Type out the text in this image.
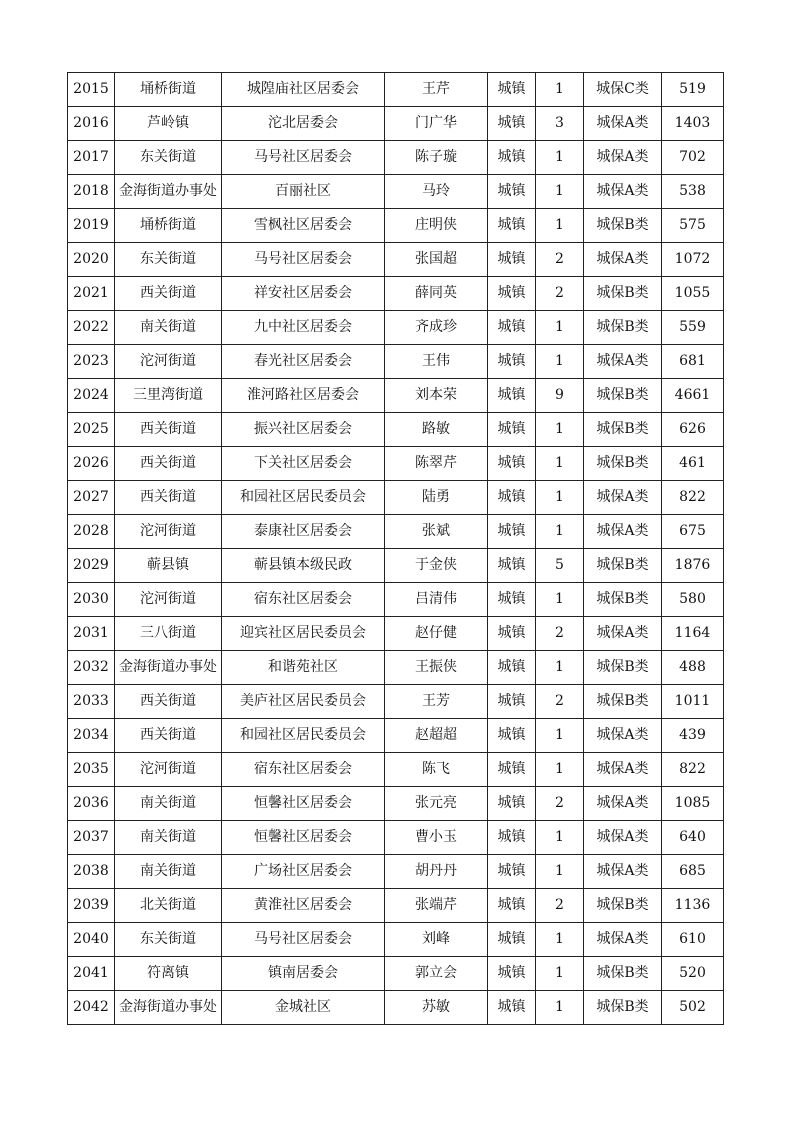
2015	埇桥街道	城隍庙社区居委会	王芹	城镇	1	城保C类	519
2016	芦岭镇	沱北居委会	门广华	城镇	3	城保A类	1403
2017	东关街道	马号社区居委会	陈子璇	城镇	1	城保A类	702
2018	金海街道办事处	百丽社区	马玲	城镇	1	城保A类	538
2019	埇桥街道	雪枫社区居委会	庄明侠	城镇	1	城保B类	575
2020	东关街道	马号社区居委会	张国超	城镇	2	城保A类	1072
2021	西关街道	祥安社区居委会	薛同英	城镇	2	城保B类	1055
2022	南关街道	九中社区居委会	齐成珍	城镇	1	城保B类	559
2023	沱河街道	春光社区居委会	王伟	城镇	1	城保A类	681
2024	三里湾街道	淮河路社区居委会	刘本荣	城镇	9	城保B类	4661
2025	西关街道	振兴社区居委会	路敏	城镇	1	城保B类	626
2026	西关街道	下关社区居委会	陈翠芹	城镇	1	城保B类	461
2027	西关街道	和园社区居民委员会	陆勇	城镇	1	城保A类	822
2028	沱河街道	泰康社区居委会	张斌	城镇	1	城保A类	675
2029	蕲县镇	蕲县镇本级民政	于金侠	城镇	5	城保B类	1876
2030	沱河街道	宿东社区居委会	吕清伟	城镇	1	城保B类	580
2031	三八街道	迎宾社区居民委员会	赵仔健	城镇	2	城保A类	1164
2032	金海街道办事处	和谐苑社区	王振侠	城镇	1	城保B类	488
2033	西关街道	美庐社区居民委员会	王芳	城镇	2	城保B类	1011
2034	西关街道	和园社区居民委员会	赵超超	城镇	1	城保A类	439
2035	沱河街道	宿东社区居委会	陈飞	城镇	1	城保A类	822
2036	南关街道	恒馨社区居委会	张元亮	城镇	2	城保A类	1085
2037	南关街道	恒馨社区居委会	曹小玉	城镇	1	城保A类	640
2038	南关街道	广场社区居委会	胡丹丹	城镇	1	城保A类	685
2039	北关街道	黄淮社区居委会	张端芹	城镇	2	城保B类	1136
2040	东关街道	马号社区居委会	刘峰	城镇	1	城保A类	610
2041	符离镇	镇南居委会	郭立会	城镇	1	城保B类	520
2042	金海街道办事处	金城社区	苏敏	城镇	1	城保B类	502
